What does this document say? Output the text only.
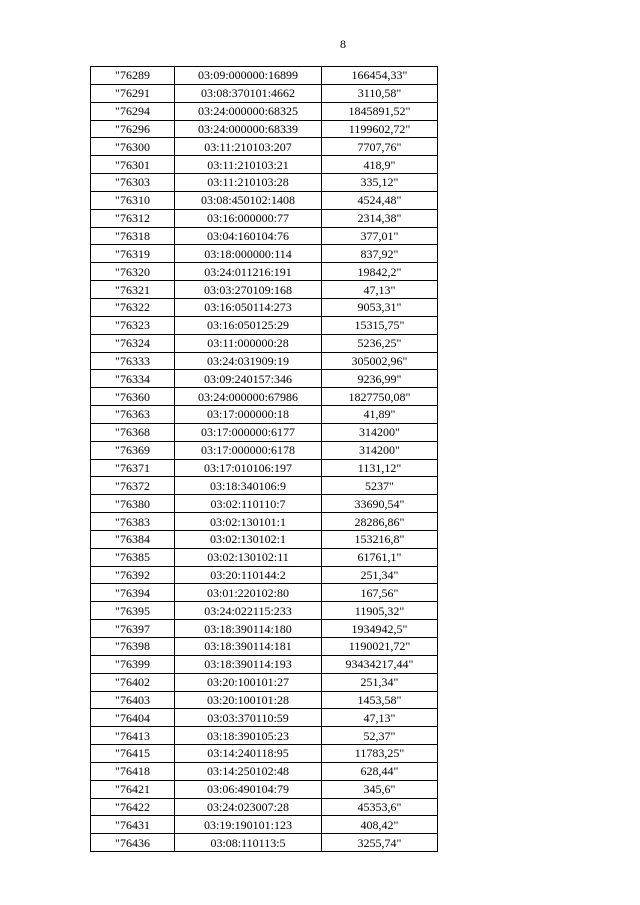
8
"76289	03:09:000000:16899	166454,33"
"76291	03:08:370101:4662	3110,58"
"76294	03:24:000000:68325	1845891,52"
"76296	03:24:000000:68339	1199602,72"
"76300	03:11:210103:207	7707,76"
"76301	03:11:210103:21	418,9"
"76303	03:11:210103:28	335,12"
"76310	03:08:450102:1408	4524,48"
"76312	03:16:000000:77	2314,38"
"76318	03:04:160104:76	377,01"
"76319	03:18:000000:114	837,92"
"76320	03:24:011216:191	19842,2"
"76321	03:03:270109:168	47,13"
"76322	03:16:050114:273	9053,31"
"76323	03:16:050125:29	15315,75"
"76324	03:11:000000:28	5236,25"
"76333	03:24:031909:19	305002,96"
"76334	03:09:240157:346	9236,99"
"76360	03:24:000000:67986	1827750,08"
"76363	03:17:000000:18	41,89"
"76368	03:17:000000:6177	314200"
"76369	03:17:000000:6178	314200"
"76371	03:17:010106:197	1131,12"
"76372	03:18:340106:9	5237"
"76380	03:02:110110:7	33690,54"
"76383	03:02:130101:1	28286,86"
"76384	03:02:130102:1	153216,8"
"76385	03:02:130102:11	61761,1"
"76392	03:20:110144:2	251,34"
"76394	03:01:220102:80	167,56"
"76395	03:24:022115:233	11905,32"
"76397	03:18:390114:180	1934942,5"
"76398	03:18:390114:181	1190021,72"
"76399	03:18:390114:193	93434217,44"
"76402	03:20:100101:27	251,34"
"76403	03:20:100101:28	1453,58"
"76404	03:03:370110:59	47,13"
"76413	03:18:390105:23	52,37"
"76415	03:14:240118:95	11783,25"
"76418	03:14:250102:48	628,44"
"76421	03:06:490104:79	345,6"
"76422	03:24:023007:28	45353,6"
"76431	03:19:190101:123	408,42"
"76436	03:08:110113:5	3255,74"
